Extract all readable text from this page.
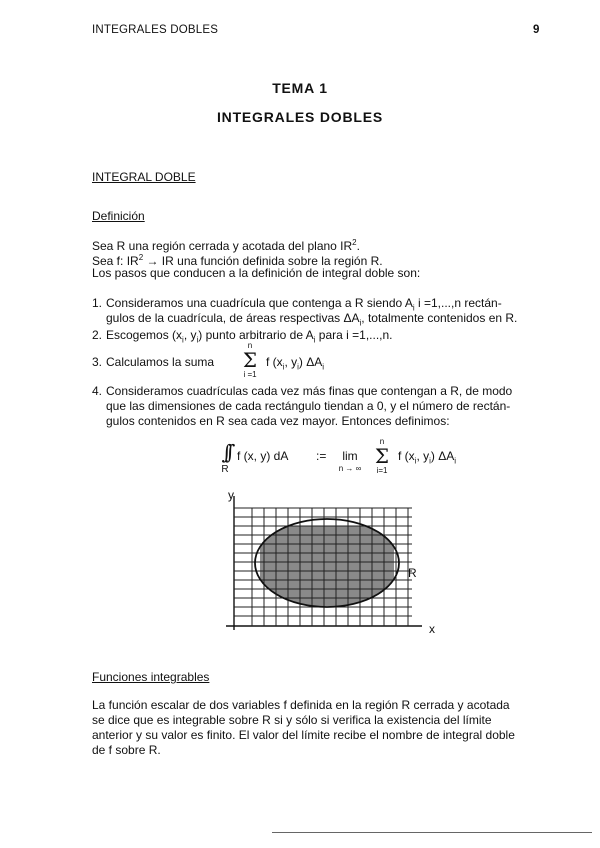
INTEGRALES DOBLES	9
TEMA 1
INTEGRALES DOBLES
INTEGRAL DOBLE
Definición
Sea R una región cerrada y acotada del plano $IR^2$.
Sea f: $IR^2$ → IR una función definida sobre la región R.
Los pasos que conducen a la definición de integral doble son:
1. Consideramos una cuadrícula que contenga a R siendo $A_i$ i =1,...,n rectán-
gulos de la cuadrícula, de áreas respectivas $\Delta A_i$, totalmente contenidos en R.
2. Escogemos ($x_i$, $y_i$) punto arbitrario de $A_i$ para i =1,...,n.
3. Calculamos la suma
n
Σ
i =1
f ($x_i$, $y_i$) $\Delta A_i$
4. Consideramos cuadrículas cada vez más finas que contengan a R, de modo
que las dimensiones de cada rectángulo tiendan a 0, y el número de rectán-
gulos contenidos en R sea cada vez mayor. Entonces definimos:
∫∫
R
f (x, y) dA :=	lim
n → ∞
n
Σ
i=1
f ($x_i$, $y_i$) $\Delta A_i$
y
x
R
Funciones integrables
La función escalar de dos variables f definida en la región R cerrada y acotada
se dice que es integrable sobre R si y sólo si verifica la existencia del límite
anterior y su valor es finito. El valor del límite recibe el nombre de integral doble
de f sobre R.
